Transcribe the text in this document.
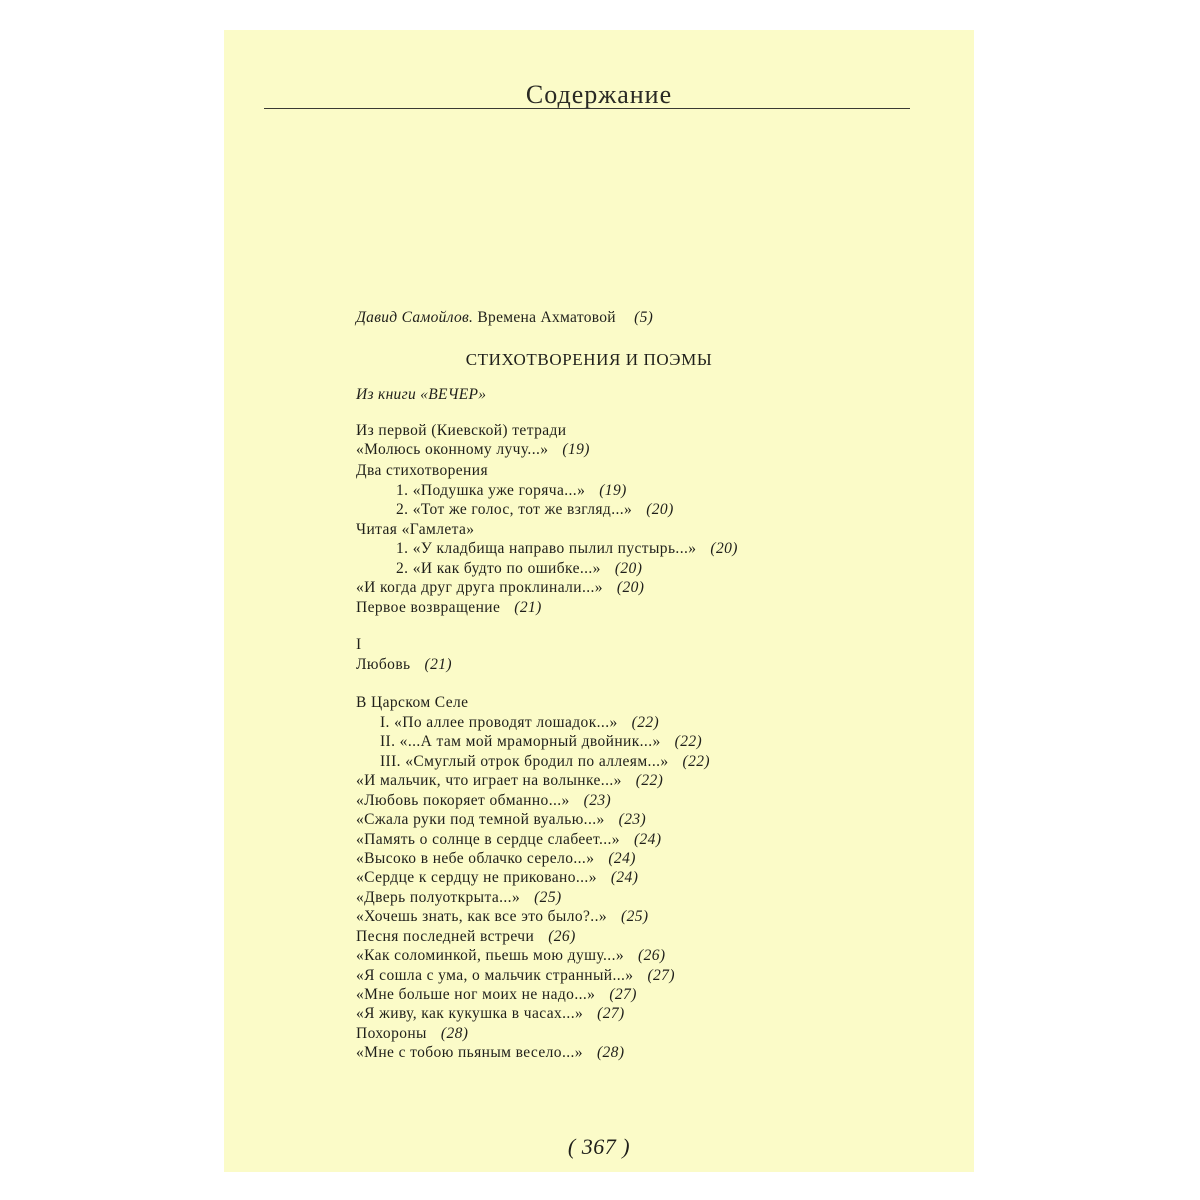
Содержание
Давид Самойлов. Времена Ахматовой ( 5 )
СТИХОТВОРЕНИЯ И ПОЭМЫ
Из книги «ВЕЧЕР»
Из первой (Киевской) тетради
«Молюсь оконному лучу...» ( 19 )
Два стихотворения
1. «Подушка уже горяча...» ( 19 )
2. «Тот же голос, тот же взгляд...» ( 20 )
Читая «Гамлета»
1. «У кладбища направо пылил пустырь...» ( 20 )
2. «И как будто по ошибке...» ( 20 )
«И когда друг друга проклинали...» ( 20 )
Первое возвращение ( 21 )
I
Любовь ( 21 )
В Царском Селе
I. «По аллее проводят лошадок...» ( 22 )
II. «...А там мой мраморный двойник...» ( 22 )
III. «Смуглый отрок бродил по аллеям...» ( 22 )
«И мальчик, что играет на волынке...» ( 22 )
«Любовь покоряет обманно...» ( 23 )
«Сжала руки под темной вуалью...» ( 23 )
«Память о солнце в сердце слабеет...» ( 24 )
«Высоко в небе облачко серело...» ( 24 )
«Сердце к сердцу не приковано...» ( 24 )
«Дверь полуоткрыта...» ( 25 )
«Хочешь знать, как все это было?..» ( 25 )
Песня последней встречи ( 26 )
«Как соломинкой, пьешь мою душу...» ( 26 )
«Я сошла с ума, о мальчик странный...» ( 27 )
«Мне больше ног моих не надо...» ( 27 )
«Я живу, как кукушка в часах...» ( 27 )
Похороны ( 28 )
«Мне с тобою пьяным весело...» ( 28 )
( 367 )
